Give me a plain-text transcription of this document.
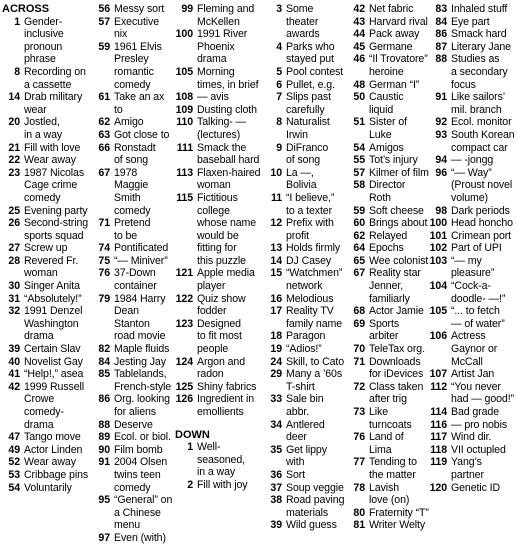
ACROSS
1 Gender-
inclusive
pronoun
phrase
8 Recording on
a cassette
14 Drab military
wear
20 Jostled,
in a way
21 Fill with love
22 Wear away
23 1987 Nicolas
Cage crime
comedy
25 Evening party
26 Second-string
sports squad
27 Screw up
28 Revered Fr.
woman
30 Singer Anita
31 “Absolutely!”
32 1991 Denzel
Washington
drama
39 Certain Slav
40 Novelist Gay
41 “Help!,” asea
42 1999 Russell
Crowe
comedy-
drama
47 Tango move
49 Actor Linden
52 Wear away
53 Cribbage pins
54 Voluntarily
56 Messy sort
57 Executive nix
59 1961 Elvis
Presley
romantic
comedy
61 Take an ax to
62 Amigo
63 Got close to
66 Ronstadt
of song
67 1978
Maggie Smith
comedy
71 Pretend
to be
74 Pontificated
75 “— Miniver”
76 37-Down
container
79 1984 Harry
Dean Stanton
road movie
82 Maple fluids
84 Jesting Jay
85 Tablelands,
French-style
86 Org. looking
for aliens
88 Deserve
89 Ecol. or biol.
90 Film bomb
91 2004 Olsen
twins teen
comedy
95 “General” on
a Chinese
menu
97 Even (with)
99 Fleming and
McKellen
100 1991 River
Phoenix
drama
105 Morning
times, in brief
108 — avis
109 Dusting cloth
110 Talking- —
(lectures)
111 Smack the
baseball hard
113 Flaxen-haired
woman
115 Fictitious
college
whose name
would be
fitting for
this puzzle
121 Apple media
player
122 Quiz show
fodder
123 Designed
to fit most
people
124 Argon and
radon
125 Shiny fabrics
126 Ingredient in
emollients
DOWN
1 Well-
seasoned,
in a way
2 Fill with joy
3 Some theater
awards
4 Parks who
stayed put
5 Pool contest
6 Pullet, e.g.
7 Slips past
carefully
8 Naturalist
Irwin
9 DiFranco
of song
10 La —, Bolivia
11 “I believe,”
to a texter
12 Prefix with
profit
13 Holds firmly
14 DJ Casey
15 “Watchmen”
network
16 Melodious
17 Reality TV
family name
18 Paragon
19 “Adios!”
24 Skill, to Cato
29 Many a ’60s
T-shirt
33 Sale bin
abbr.
34 Antlered deer
35 Get lippy
with
36 Sort
37 Soup veggie
38 Road paving
materials
39 Wild guess
42 Net fabric
43 Harvard rival
44 Pack away
45 Germane
46 “Il Trovatore”
heroine
48 German “I”
50 Caustic
liquid
51 Sister of
Luke
54 Amigos
55 Tot’s injury
57 Kilmer of film
58 Director Roth
59 Soft cheese
60 Brings about
62 Relayed
64 Epochs
65 Wee colonist
67 Reality star
Jenner,
familiarly
68 Actor Jamie
69 Sports arbiter
70 TeleTax org.
71 Downloads
for iDevices
72 Class taken
after trig
73 Like
turncoats
76 Land of Lima
77 Tending to
the matter
78 Lavish
love (on)
80 Fraternity “T”
81 Writer Welty
83 Inhaled stuff
84 Eye part
86 Smack hard
87 Literary Jane
88 Studies as
a secondary
focus
91 Like sailors’
mil. branch
92 Ecol. monitor
93 South Korean
compact car
94 — -jongg
96 “— Way”
(Proust novel
volume)
98 Dark periods
100 Head honcho
101 Crimean port
102 Part of UPI
103 “— my
pleasure”
104 “Cock-a-
doodle- —!”
105 “... to fetch
— of water”
106 Actress
Gaynor or
McCall
107 Artist Jan
112 “You never
had — good!”
114 Bad grade
116 — pro nobis
117 Wind dir.
118 VII octupled
119 Yang’s
partner
120 Genetic ID
